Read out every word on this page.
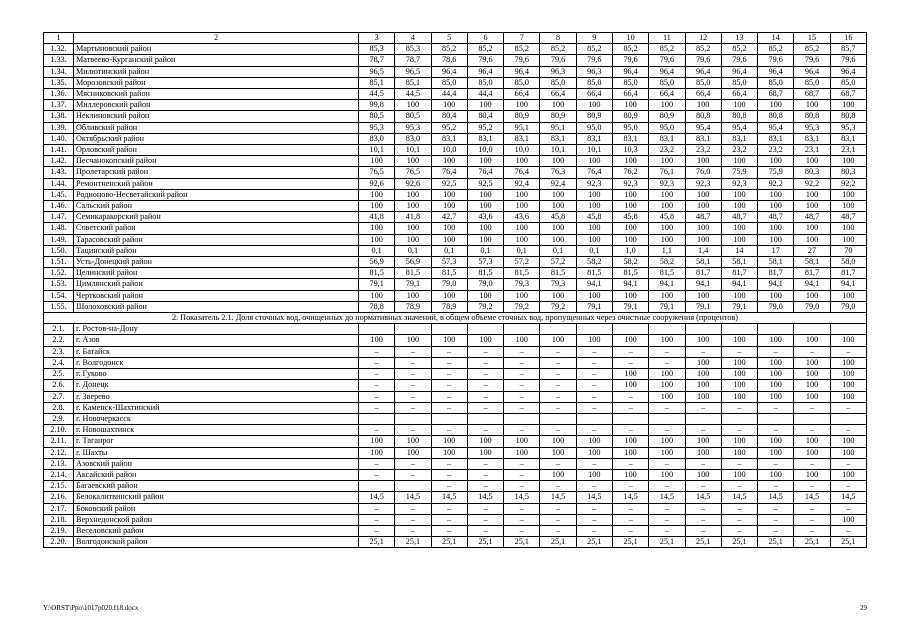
1	2	3	4	5	6	7	8	9	10	11	12	13	14	15	16
1.32.	Мартыновский район	85,3	85,3	85,2	85,2	85,2	85,2	85,2	85,2	85,2	85,2	85,2	85,2	85,2	85,7
1.33.	Матвеево-Курганский район	78,7	78,7	78,6	79,6	79,6	79,6	79,6	79,6	79,6	79,6	79,6	79,6	79,6	79,6
1.34.	Милютинский район	96,5	96,5	96,4	96,4	96,4	96,3	96,3	96,4	96,4	96,4	96,4	96,4	96,4	96,4
1.35.	Морозовский район	85,1	85,1	85,0	85,0	85,0	85,0	85,0	85,0	85,0	85,0	85,0	85,0	85,0	85,0
1.36.	Мясниковский район	44,5	44,5	44,4	44,4	66,4	66,4	66,4	66,4	66,4	66,4	66,4	68,7	68,7	68,7
1.37.	Миллеровский район	99,8	100	100	100	100	100	100	100	100	100	100	100	100	100
1.38.	Неклиновский район	80,5	80,5	80,4	80,4	80,9	80,9	80,9	80,9	80,9	80,8	80,8	80,8	80,8	80,8
1.39.	Обливский район	95,3	95,3	95,2	95,2	95,1	95,1	95,0	95,0	95,0	95,4	95,4	95,4	95,3	95,3
1.40.	Октябрьский район	83,0	83,0	83,1	83,1	83,1	83,1	83,1	83,1	83,1	83,1	83,1	83,1	83,1	83,1
1.41.	Орловский район	10,1	10,1	10,0	10,0	10,0	10,1	10,1	10,3	23,2	23,2	23,2	23,2	23,1	23,1
1.42.	Песчанокопский район	100	100	100	100	100	100	100	100	100	100	100	100	100	100
1.43.	Пролетарский район	76,5	76,5	76,4	76,4	76,4	76,3	76,4	76,2	76,1	76,0	75,9	75,9	80,3	80,3
1.44.	Ремонтненский район	92,6	92,6	92,5	92,5	92,4	92,4	92,3	92,3	92,3	92,3	92,3	92,2	92,2	92,2
1.45.	Родионово-Несветайский район	100	100	100	100	100	100	100	100	100	100	100	100	100	100
1.46.	Сальский район	100	100	100	100	100	100	100	100	100	100	100	100	100	100
1.47.	Семикаракорский район	41,8	41,8	42,7	43,6	43,6	45,8	45,8	45,8	45,8	48,7	48,7	48,7	48,7	48,7
1.48.	Советский район	100	100	100	100	100	100	100	100	100	100	100	100	100	100
1.49.	Тарасовский район	100	100	100	100	100	100	100	100	100	100	100	100	100	100
1.50.	Тацинский район	0,1	0,1	0,1	0,1	0,1	0,1	0,1	1,0	1,1	1,4	14	17	27	70
1.51.	Усть-Донецкий район	56,9	56,9	57,3	57,3	57,2	57,2	58,2	58,2	58,2	58,1	58,1	58,1	58,1	58,0
1.52.	Целинский район	81,5	81,5	81,5	81,5	81,5	81,5	81,5	81,5	81,5	81,7	81,7	81,7	81,7	81,7
1.53.	Цимлянский район	79,1	79,1	79,0	79,0	79,3	79,3	94,1	94,1	94,1	94,1	94,1	94,1	94,1	94,1
1.54.	Чертковский район	100	100	100	100	100	100	100	100	100	100	100	100	100	100
1.55.	Шолоховский район	78,8	78,9	78,9	79,2	79,2	79,2	79,1	79,1	79,1	79,1	79,1	79,0	79,0	79,0
2. Показатель 2.1. Доля сточных вод, очищенных до нормативных значений, в общем объеме сточных вод, пропущенных через очистные сооружения (процентов)															
2.1.	г. Ростов-на-Дону														
2.2.	г. Азов	100	100	100	100	100	100	100	100	100	100	100	100	100	100
2.3.	г. Батайск	–	–	–	–	–	–	–	–	–	–	–	–	–	–
2.4.	г. Волгодонск	–	–	–	–	–	–	–	–	–	100	100	100	100	100
2.5.	г. Гуково	–	–	–	–	–	–	–	100	100	100	100	100	100	100
2.6.	г. Донецк	–	–	–	–	–	–	–	100	100	100	100	100	100	100
2.7.	г. Зверево	–	–	–	–	–	–	–	–	100	100	100	100	100	100
2.8.	г. Каменск-Шахтинский	–	–	–	–	–	–	–	–	–	–	–	–	–	–
2.9.	г. Новочеркасск														
2.10.	г. Новошахтинск	–	–	–	–	–	–	–	–	–	–	–	–	–	–
2.11.	г. Таганрог	100	100	100	100	100	100	100	100	100	100	100	100	100	100
2.12.	г. Шахты	100	100	100	100	100	100	100	100	100	100	100	100	100	100
2.13.	Азовский район	–	–	–	–	–	–	–	–	–	–	–	–	–	–
2.14.	Аксайский район	–	–	–	–	–	100	100	100	100	100	100	100	100	100
2.15.	Багаевский район			–	–	–	–	–	–	–	–	–	–	–	–
2.16.	Белокалитвинский район	14,5	14,5	14,5	14,5	14,5	14,5	14,5	14,5	14,5	14,5	14,5	14,5	14,5	14,5
2.17.	Боковский район	–	–	–	–	–	–	–	–	–	–	–	–	–	–
2.18.	Верхнедонской район	–	–	–	–	–	–	–	–	–	–	–	–	–	100
2.19.	Веселовский район	–	–	–	–	–	–	–	–	–	–	–	–	–	–
2.20.	Волгодонской район	25,1	25,1	25,1	25,1	25,1	25,1	25,1	25,1	25,1	25,1	25,1	25,1	25,1	25,1
Y:\ORST\Ppo\1017p020.f18.docx	29
